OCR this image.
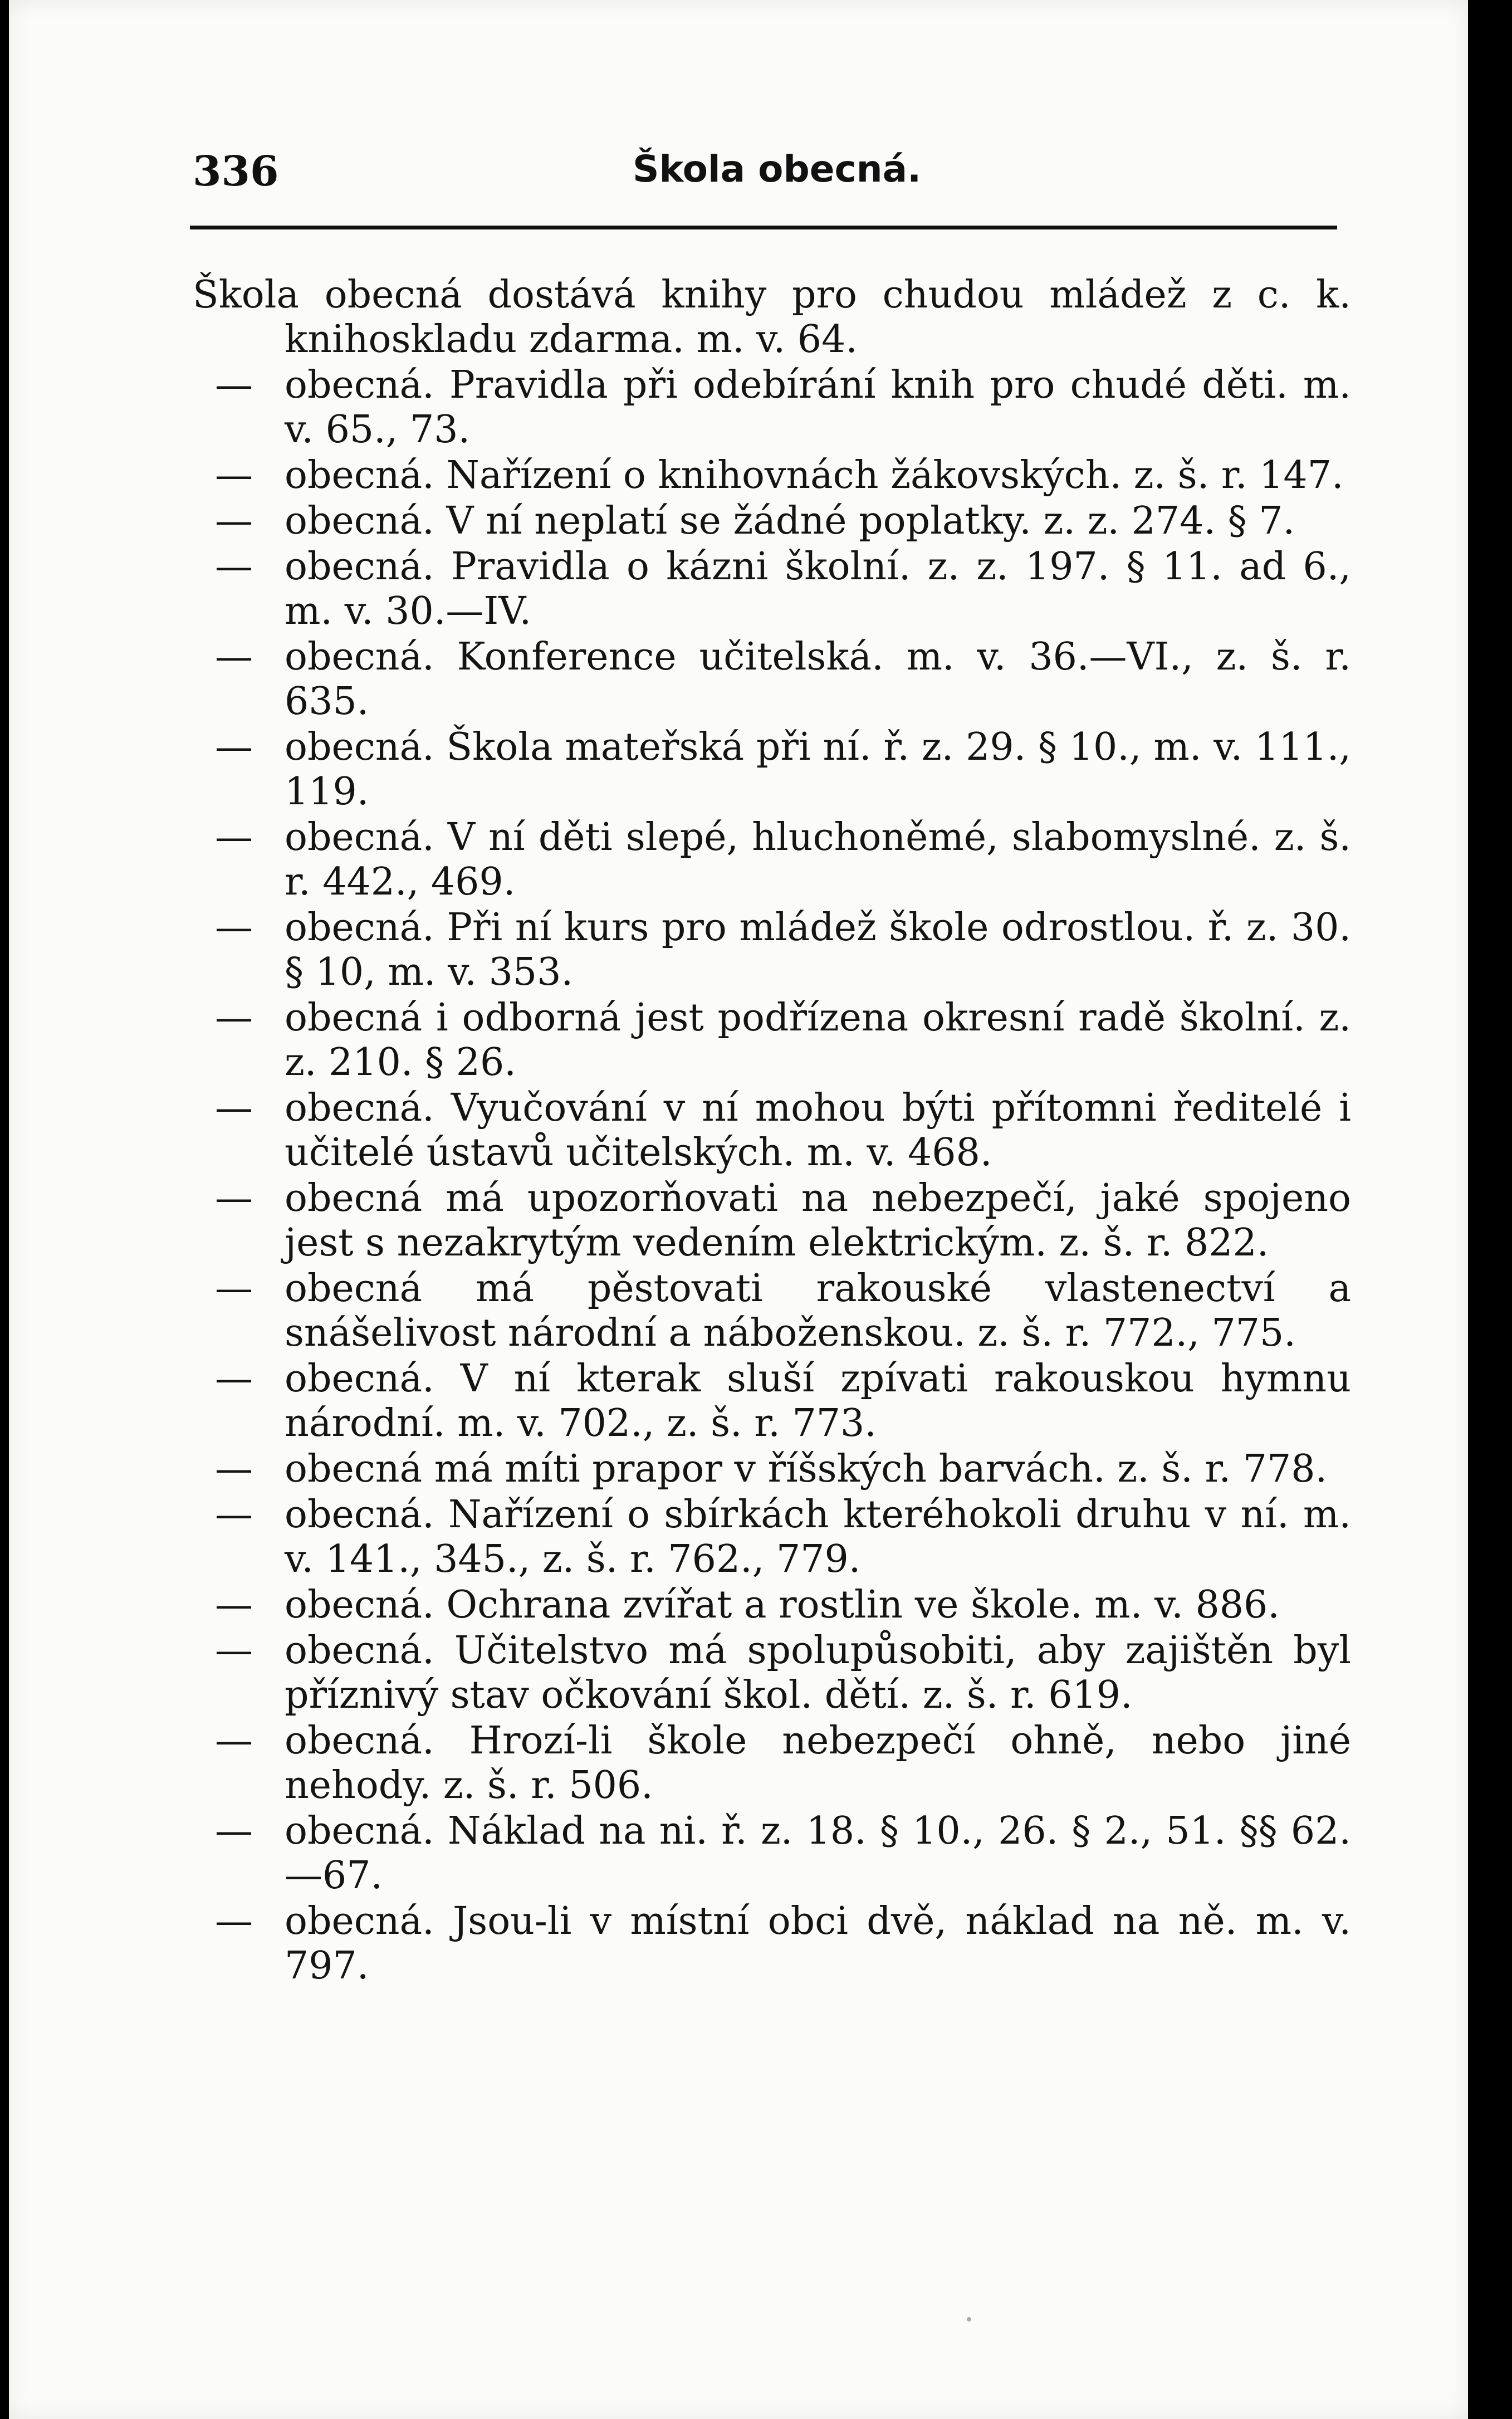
336	Škola obecná.
Škola obecná dostává knihy pro chudou mládež z c. k. knihoskladu zdarma. m. v. 64.
— obecná. Pravidla při odebírání knih pro chudé děti. m. v. 65., 73.
— obecná. Nařízení o knihovnách žákovských. z. š. r. 147.
— obecná. V ní neplatí se žádné poplatky. z. z. 274. § 7.
— obecná. Pravidla o kázni školní. z. z. 197. § 11. ad 6., m. v. 30.—IV.
— obecná. Konference učitelská. m. v. 36.—VI., z. š. r. 635.
— obecná. Škola mateřská při ní. ř. z. 29. § 10., m. v. 111., 119.
— obecná. V ní děti slepé, hluchoněmé, slabomyslné. z. š. r. 442., 469.
— obecná. Při ní kurs pro mládež škole odrostlou. ř. z. 30. § 10, m. v. 353.
— obecná i odborná jest podřízena okresní radě školní. z. z. 210. § 26.
— obecná. Vyučování v ní mohou býti přítomni ředitelé i učitelé ústavů učitelských. m. v. 468.
— obecná má upozorňovati na nebezpečí, jaké spojeno jest s nezakrytým vedením elektrickým. z. š. r. 822.
— obecná má pěstovati rakouské vlastenectví a snášelivost národní a náboženskou. z. š. r. 772., 775.
— obecná. V ní kterak sluší zpívati rakouskou hymnu národní. m. v. 702., z. š. r. 773.
— obecná má míti prapor v říšských barvách. z. š. r. 778.
— obecná. Nařízení o sbírkách kteréhokoli druhu v ní. m. v. 141., 345., z. š. r. 762., 779.
— obecná. Ochrana zvířat a rostlin ve škole. m. v. 886.
— obecná. Učitelstvo má spolupůsobiti, aby zajištěn byl příznivý stav očkování škol. dětí. z. š. r. 619.
— obecná. Hrozí-li škole nebezpečí ohně, nebo jiné nehody. z. š. r. 506.
— obecná. Náklad na ni. ř. z. 18. § 10., 26. § 2., 51. §§ 62.—67.
— obecná. Jsou-li v místní obci dvě, náklad na ně. m. v. 797.
